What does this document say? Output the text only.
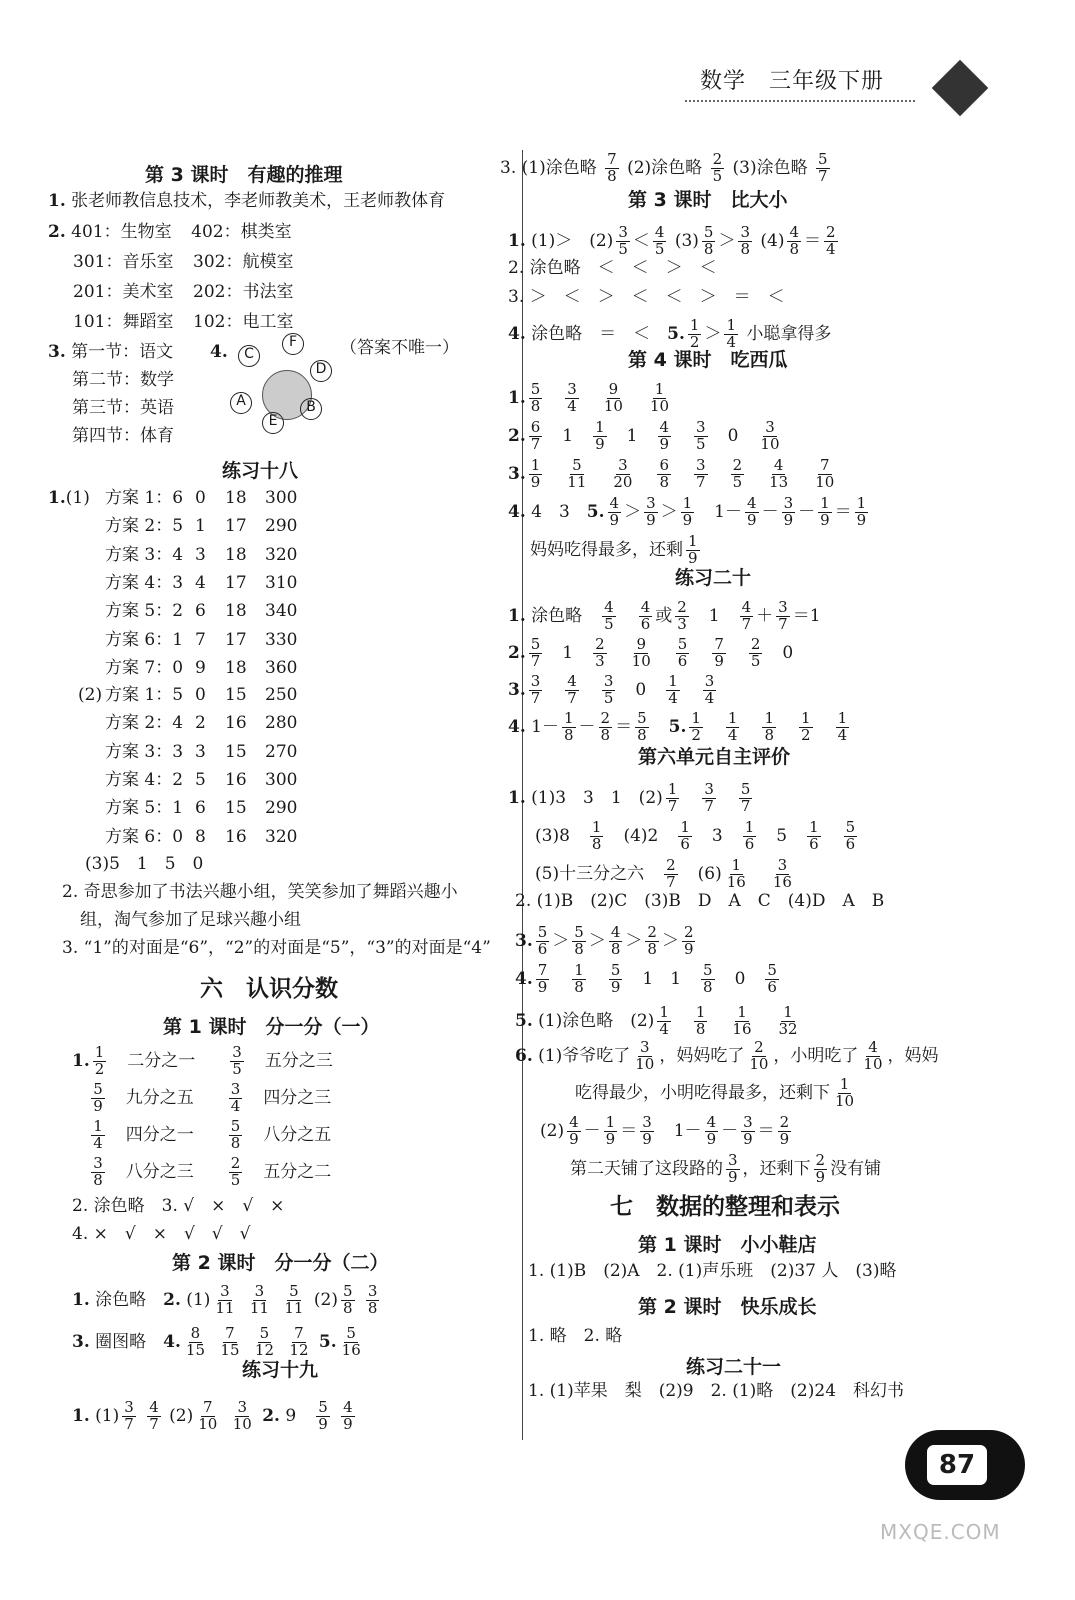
数学　 三年级下册
第 3 课时　有趣的推理
1. 张老师教信息技术，李老师教美术，王老师教体育
2. 401：生物室 402：棋类室
301：音乐室 302：航模室
201：美术室 202：书法室
101：舞蹈室 102：电工室
3. 第一节：语文
第二节：数学
第三节：英语
第四节：体育
4.	C
F
D
B
E
A
（答案不唯一）
练习十八
1.(1) 方案 1：6 0 18 300
方案 2：5 1 17 290
方案 3：4 3 18 320
方案 4：3 4 17 310
方案 5：2 6 18 340
方案 6：1 7 17 330
方案 7：0 9 18 360
(2) 方案 1：5 0 15 250
方案 2：4 2 16 280
方案 3：3 3 15 270
方案 4：2 5 16 300
方案 5：1 6 15 290
方案 6：0 8 16 320
(3)5　1　5　0
2. 奇思参加了书法兴趣小组，笑笑参加了舞蹈兴趣小
组，淘气参加了足球兴趣小组
3. “1”的对面是“6”，“2”的对面是“5”，“3”的对面是“4”
六　认识分数
第 1 课时　分一分（一）
1. $\frac{1}{2}$ 二分之一 $\frac{3}{5}$ 五分之三

$\frac{5}{9}$ 九分之五 $\frac{3}{4}$ 四分之三

$\frac{1}{4}$ 四分之一 $\frac{5}{8}$ 八分之五

$\frac{3}{8}$ 八分之三 $\frac{2}{5}$ 五分之二
2. 涂色略　3. √　×　√　×
4. ×　√　×　√　√　√
第 2 课时　分一分（二）
1. 涂色略　2. $(1) \frac{3}{11}$
$\frac{3}{11}$
$\frac{5}{11} (2) \frac{5}{8}$
$\frac{3}{8}$
3. 圈图略　4. $\frac{8}{15}$
$\frac{7}{15}$
$\frac{5}{12}$
$\frac{7}{12} 5$. $\frac{5}{16}$
练习十九
1. $(1) \frac{3}{7}$
$\frac{4}{7} (2) \frac{7}{10}$
$\frac{3}{10} 2$. 9　 $\frac{5}{9}$
$\frac{4}{9}$
3. (1)涂色略 $\frac{7}{8} (2)$涂色略 $\frac{2}{5} (3)$涂色略 $\frac{5}{7}$
第 3 课时　比大小
1. (1)＞　$(2) \frac{3}{5} < \frac{4}{5} (3) \frac{5}{8} > \frac{3}{8} (4) \frac{4}{8} = \frac{2}{4}$
2. 涂色略　＜　＜　＞　＜
3. ＞　＜　＞　＜　＜　＞　＝　＜
4. 涂色略　＝　＜　5. $\frac{1}{2} > \frac{1}{4}$ 小聪拿得多
第 4 课时　吃西瓜
1. $\frac{5}{8}$
　 $\frac{3}{4}$
　 $\frac{9}{10}$
　 $\frac{1}{10}$
2. $\frac{6}{7}$ 　1　 $\frac{1}{9}$ 　1　 $\frac{4}{9}$
　 $\frac{3}{5}$ 　0　 $\frac{3}{10}$
3. $\frac{1}{9}$
　 $\frac{5}{11}$
　 $\frac{3}{20}$
　 $\frac{6}{8}$
　 $\frac{3}{7}$
　 $\frac{2}{5}$
　 $\frac{4}{13}$
　 $\frac{7}{10}$
4. 4　3　5. $\frac{4}{9} > \frac{3}{9} > \frac{1}{9}$ 　$1- \frac{4}{9} - \frac{3}{9} - \frac{1}{9} = \frac{1}{9}$
妈妈吃得最多，还剩 $\frac{1}{9}$
练习二十
1. 涂色略　 $\frac{4}{5}$
　 $\frac{4}{6}$ 或 $\frac{2}{3}$ 　1　 $\frac{4}{7} + \frac{3}{7} =1$
2. $\frac{5}{7}$ 　1　 $\frac{2}{3}$
　 $\frac{9}{10}$
　 $\frac{5}{6}$
　 $\frac{7}{9}$
　 $\frac{2}{5}$ 　0
3. $\frac{3}{7}$
　 $\frac{4}{7}$
　 $\frac{3}{5}$ 　0　 $\frac{1}{4}$
　 $\frac{3}{4}$
4. $1- \frac{1}{8} - \frac{2}{8} = \frac{5}{8}$
　 5. $\frac{1}{2}$
　 $\frac{1}{4}$
　 $\frac{1}{8}$
　 $\frac{1}{2}$
　 $\frac{1}{4}$
第六单元自主评价
1. (1)3　3　1　$(2) \frac{1}{7}$
　 $\frac{3}{7}$
　 $\frac{5}{7}$
(3)8　 $\frac{1}{8}$ 　(4)2　 $\frac{1}{6}$ 　3　 $\frac{1}{6}$ 　5　 $\frac{1}{6}$
　 $\frac{5}{6}$
(5)十三分之六　 $\frac{2}{7}$ 　$(6) \frac{1}{16}$
　 $\frac{3}{16}$
2. (1)B　(2)C　(3)B　D　A　C　(4)D　A　B
3. $\frac{5}{6} > \frac{5}{8} > \frac{4}{8} > \frac{2}{8} > \frac{2}{9}$
4. $\frac{7}{9}$
　 $\frac{1}{8}$
　 $\frac{5}{9}$ 　1　1　 $\frac{5}{8}$ 　0　 $\frac{5}{6}$
5. (1)涂色略　$(2) \frac{1}{4}$
　 $\frac{1}{8}$
　 $\frac{1}{16}$
　 $\frac{1}{32}$
6. (1)爷爷吃了 $\frac{3}{10}$ ，妈妈吃了 $\frac{2}{10}$ ，小明吃了 $\frac{4}{10}$ ，妈妈
吃得最少，小明吃得最多，还剩下 $\frac{1}{10}$
$(2) \frac{4}{9} - \frac{1}{9} = \frac{3}{9}$ 　$1- \frac{4}{9} - \frac{3}{9} = \frac{2}{9}$
第二天铺了这段路的 $\frac{3}{9}$ ，还剩下 $\frac{2}{9}$ 没有铺
七　数据的整理和表示
第 1 课时　小小鞋店
1. (1)B　(2)A　2. (1)声乐班　(2)37 人　(3)略
第 2 课时　快乐成长
1. 略　2. 略
练习二十一
1. (1)苹果　梨　(2)9　2. (1)略　(2)24　科幻书
87
MXQE.COM
